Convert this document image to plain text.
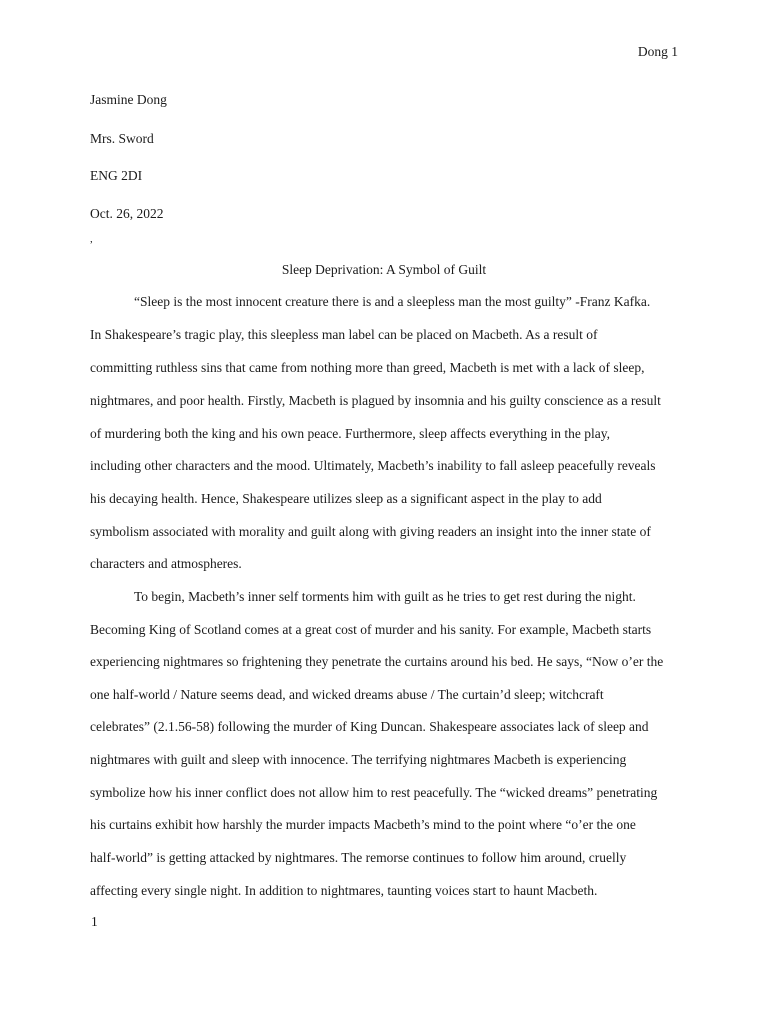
Dong 1
Jasmine Dong
Mrs. Sword
ENG 2DI
Oct. 26, 2022
,
Sleep Deprivation: A Symbol of Guilt
“Sleep is the most innocent creature there is and a sleepless man the most guilty” -Franz Kafka.
In Shakespeare’s tragic play, this sleepless man label can be placed on Macbeth. As a result of
committing ruthless sins that came from nothing more than greed, Macbeth is met with a lack of sleep,
nightmares, and poor health. Firstly, Macbeth is plagued by insomnia and his guilty conscience as a result
of murdering both the king and his own peace. Furthermore, sleep affects everything in the play,
including other characters and the mood. Ultimately, Macbeth’s inability to fall asleep peacefully reveals
his decaying health. Hence, Shakespeare utilizes sleep as a significant aspect in the play to add
symbolism associated with morality and guilt along with giving readers an insight into the inner state of
characters and atmospheres.
To begin, Macbeth’s inner self torments him with guilt as he tries to get rest during the night.
Becoming King of Scotland comes at a great cost of murder and his sanity. For example, Macbeth starts
experiencing nightmares so frightening they penetrate the curtains around his bed. He says, “Now o’er the
one half-world / Nature seems dead, and wicked dreams abuse / The curtain’d sleep; witchcraft
celebrates” (2.1.56-58) following the murder of King Duncan. Shakespeare associates lack of sleep and
nightmares with guilt and sleep with innocence. The terrifying nightmares Macbeth is experiencing
symbolize how his inner conflict does not allow him to rest peacefully. The “wicked dreams” penetrating
his curtains exhibit how harshly the murder impacts Macbeth’s mind to the point where “o’er the one
half-world” is getting attacked by nightmares. The remorse continues to follow him around, cruelly
affecting every single night. In addition to nightmares, taunting voices start to haunt Macbeth.
1
